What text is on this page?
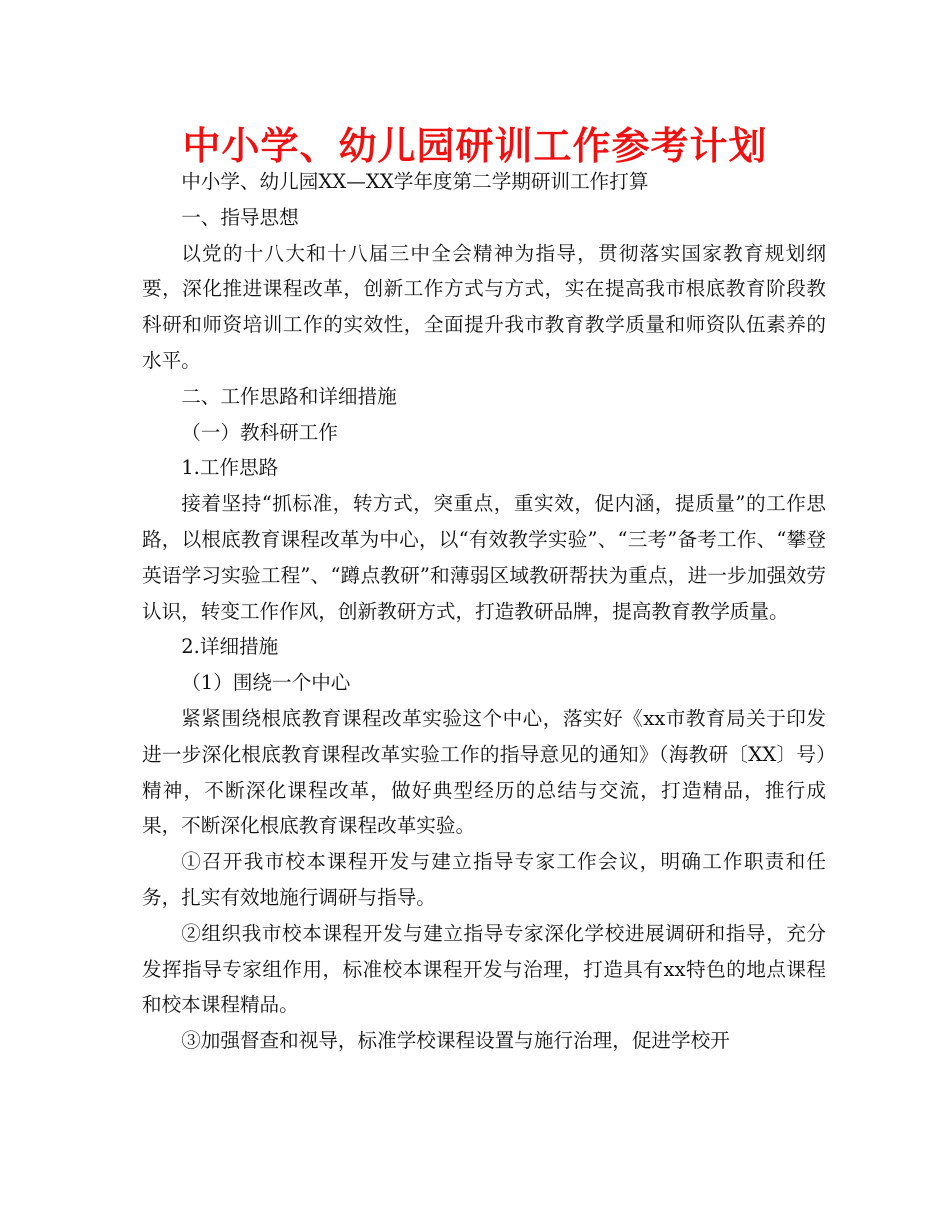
中小学、幼儿园研训工作参考计划

中小学、幼儿园XX—XX学年度第二学期研训工作打算

一、指导思想

以党的十八大和十八届三中全会精神为指导，贯彻落实国家教育规划纲要，深化推进课程改革，创新工作方式与方式，实在提高我市根底教育阶段教科研和师资培训工作的实效性，全面提升我市教育教学质量和师资队伍素养的水平。

二、工作思路和详细措施

（一）教科研工作

1.工作思路

接着坚持“抓标准，转方式，突重点，重实效，促内涵，提质量”的工作思路，以根底教育课程改革为中心，以“有效教学实验”、“三考”备考工作、“攀登英语学习实验工程”、“蹲点教研”和薄弱区域教研帮扶为重点，进一步加强效劳认识，转变工作作风，创新教研方式，打造教研品牌，提高教育教学质量。

2.详细措施

（1）围绕一个中心

紧紧围绕根底教育课程改革实验这个中心，落实好《xx市教育局关于印发进一步深化根底教育课程改革实验工作的指导意见的通知》（海教研〔XX〕号）精神，不断深化课程改革，做好典型经历的总结与交流，打造精品，推行成果，不断深化根底教育课程改革实验。

①召开我市校本课程开发与建立指导专家工作会议，明确工作职责和任务，扎实有效地施行调研与指导。

②组织我市校本课程开发与建立指导专家深化学校进展调研和指导，充分发挥指导专家组作用，标准校本课程开发与治理，打造具有xx特色的地点课程和校本课程精品。

③加强督查和视导，标准学校课程设置与施行治理，促进学校开
